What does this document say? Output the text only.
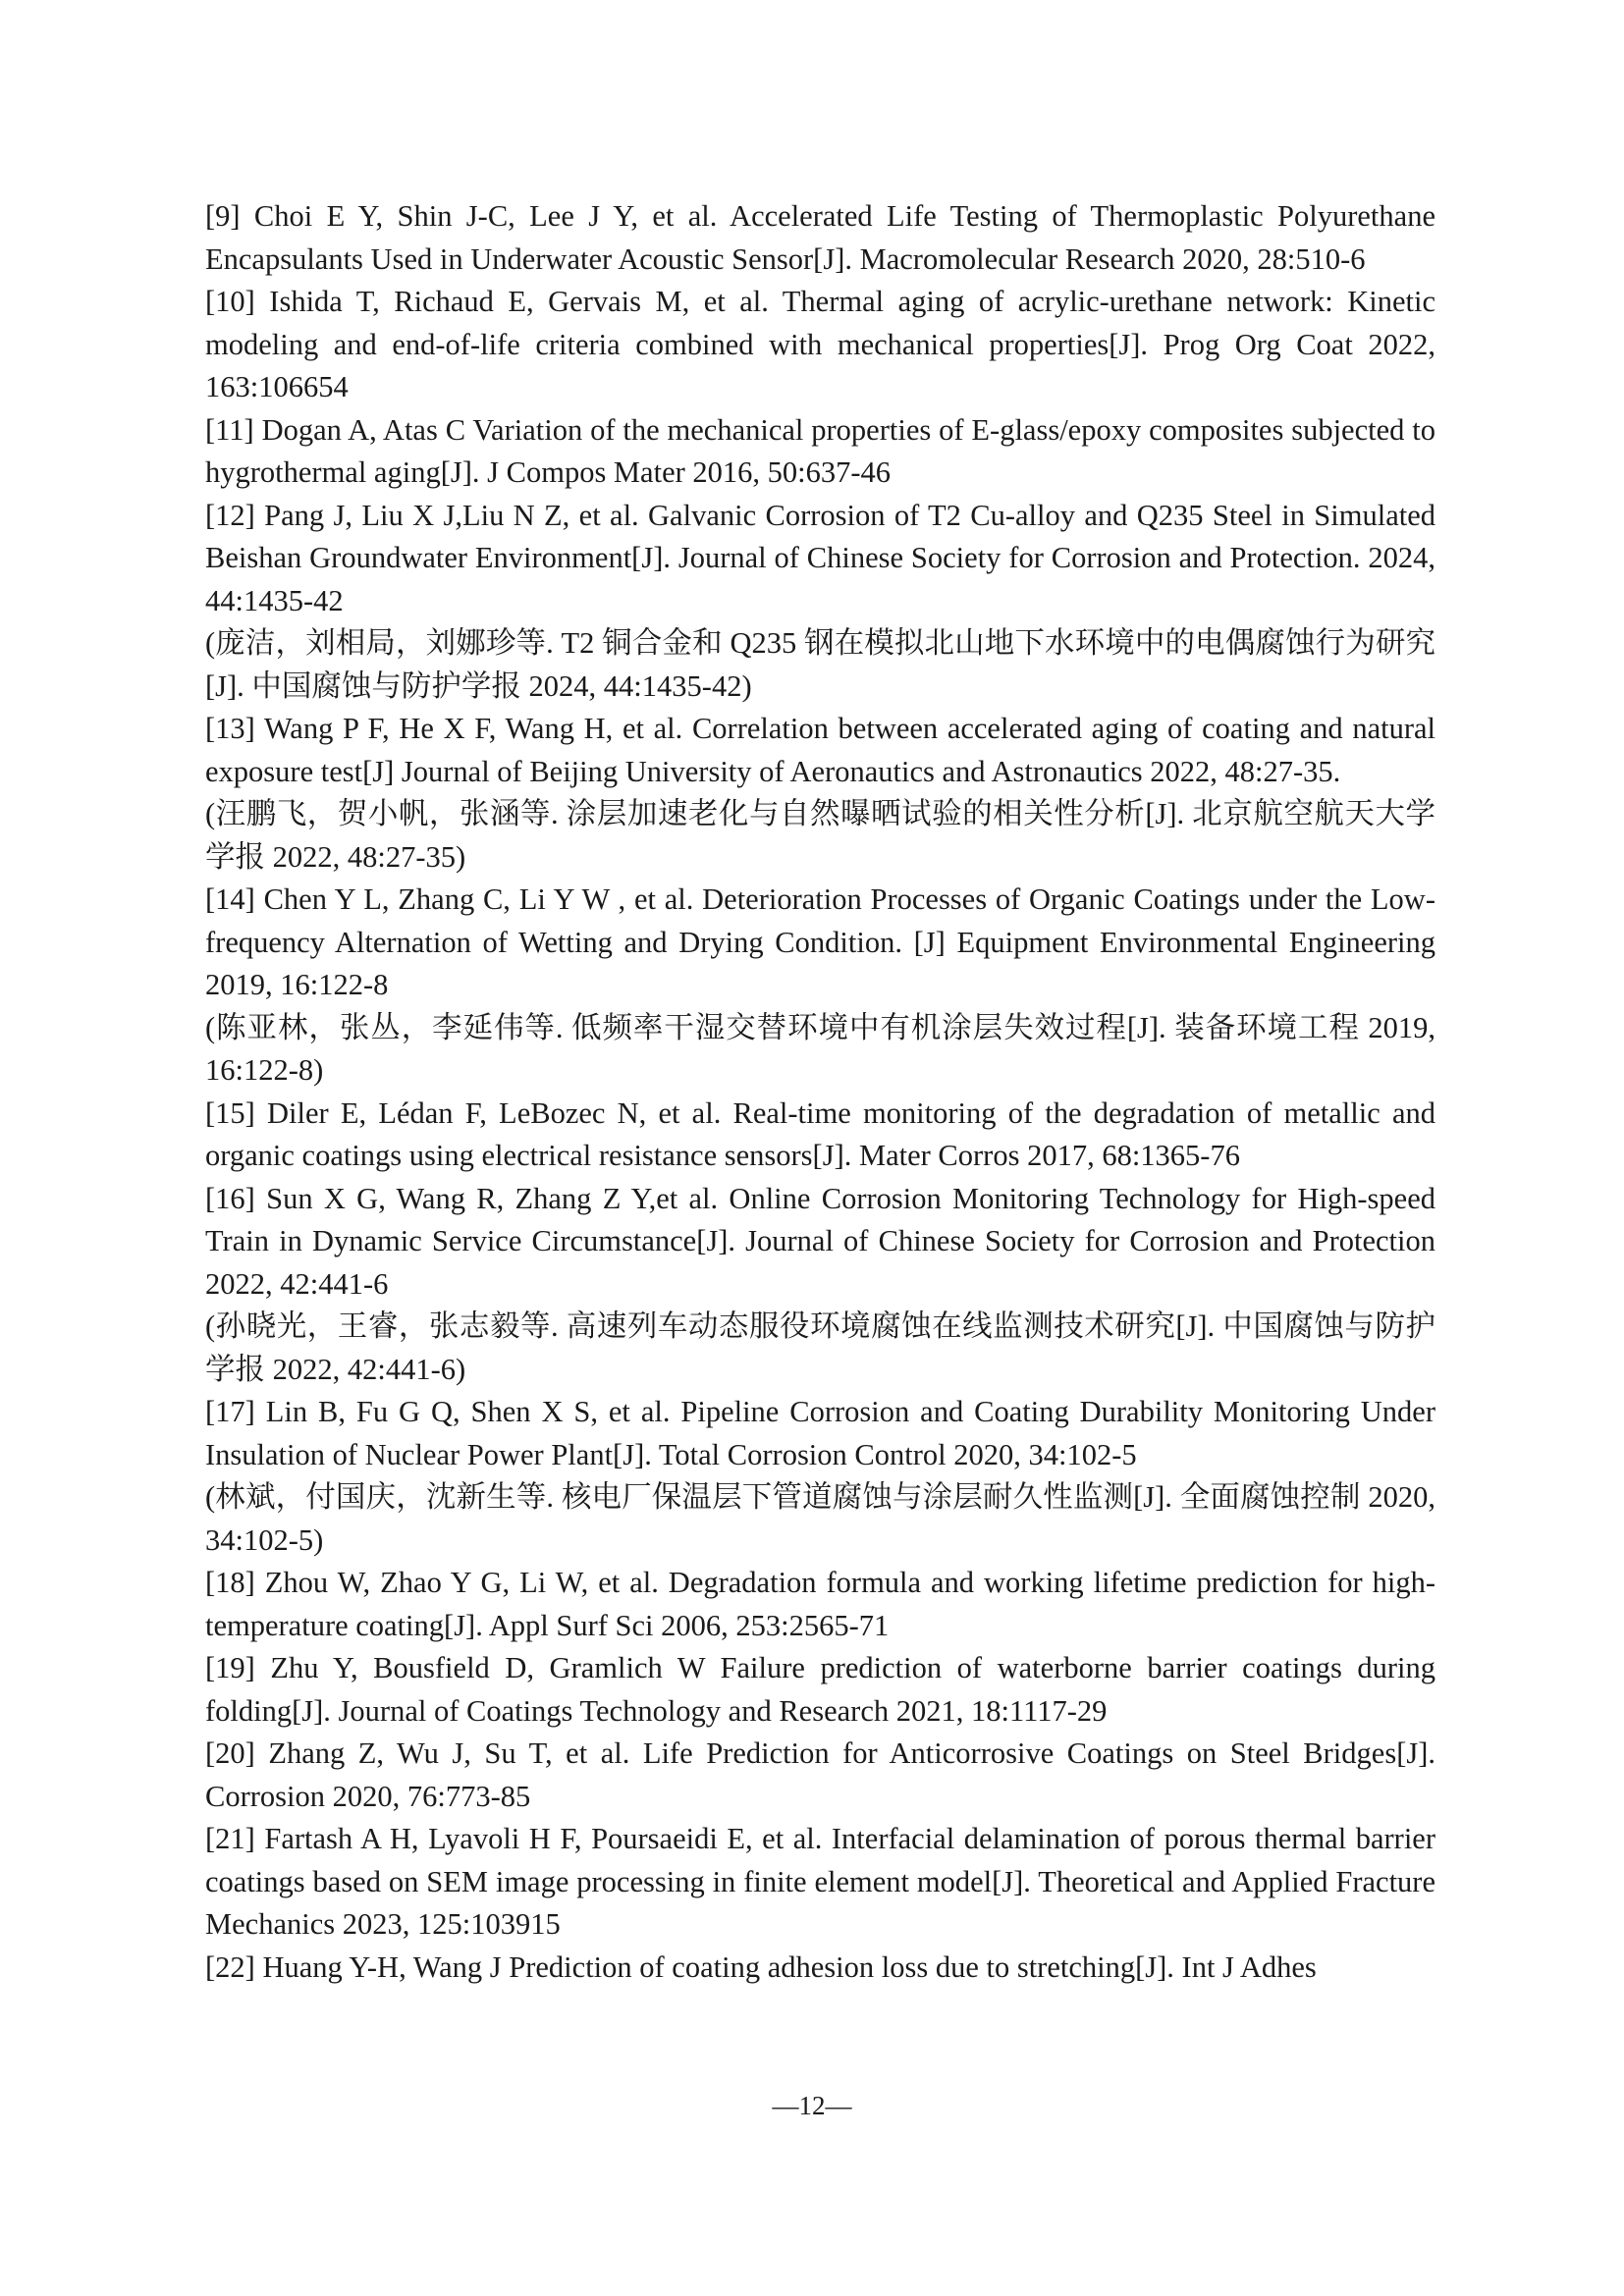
[9] Choi E Y, Shin J-C, Lee J Y, et al. Accelerated Life Testing of Thermoplastic Polyurethane Encapsulants Used in Underwater Acoustic Sensor[J]. Macromolecular Research 2020, 28:510-6

[10] Ishida T, Richaud E, Gervais M, et al. Thermal aging of acrylic-urethane network: Kinetic modeling and end-of-life criteria combined with mechanical properties[J]. Prog Org Coat 2022, 163:106654

[11] Dogan A, Atas C Variation of the mechanical properties of E-glass/epoxy composites subjected to hygrothermal aging[J]. J Compos Mater 2016, 50:637-46

[12] Pang J, Liu X J,Liu N Z, et al. Galvanic Corrosion of T2 Cu-alloy and Q235 Steel in Simulated Beishan Groundwater Environment[J]. Journal of Chinese Society for Corrosion and Protection. 2024, 44:1435-42

(庞洁，刘相局，刘娜珍等. T2 铜合金和 Q235 钢在模拟北山地下水环境中的电偶腐蚀行为研究[J]. 中国腐蚀与防护学报 2024, 44:1435-42)

[13] Wang P F, He X F, Wang H, et al. Correlation between accelerated aging of coating and natural exposure test[J] Journal of Beijing University of Aeronautics and Astronautics 2022, 48:27-35.

(汪鹏飞，贺小帆，张涵等. 涂层加速老化与自然曝晒试验的相关性分析[J]. 北京航空航天大学学报 2022, 48:27-35)

[14] Chen Y L, Zhang C, Li Y W , et al. Deterioration Processes of Organic Coatings under the Low-frequency Alternation of Wetting and Drying Condition. [J] Equipment Environmental Engineering 2019, 16:122-8

(陈亚林，张丛，李延伟等. 低频率干湿交替环境中有机涂层失效过程[J]. 装备环境工程 2019, 16:122-8)

[15] Diler E, Lédan F, LeBozec N, et al. Real-time monitoring of the degradation of metallic and organic coatings using electrical resistance sensors[J]. Mater Corros 2017, 68:1365-76

[16] Sun X G, Wang R, Zhang Z Y,et al. Online Corrosion Monitoring Technology for High-speed Train in Dynamic Service Circumstance[J]. Journal of Chinese Society for Corrosion and Protection 2022, 42:441-6

(孙晓光，王睿，张志毅等. 高速列车动态服役环境腐蚀在线监测技术研究[J]. 中国腐蚀与防护学报 2022, 42:441-6)

[17] Lin B, Fu G Q, Shen X S, et al. Pipeline Corrosion and Coating Durability Monitoring Under Insulation of Nuclear Power Plant[J]. Total Corrosion Control 2020, 34:102-5

(林斌，付国庆，沈新生等. 核电厂保温层下管道腐蚀与涂层耐久性监测[J]. 全面腐蚀控制 2020, 34:102-5)

[18] Zhou W, Zhao Y G, Li W, et al. Degradation formula and working lifetime prediction for high-temperature coating[J]. Appl Surf Sci 2006, 253:2565-71

[19] Zhu Y, Bousfield D, Gramlich W Failure prediction of waterborne barrier coatings during folding[J]. Journal of Coatings Technology and Research 2021, 18:1117-29

[20] Zhang Z, Wu J, Su T, et al. Life Prediction for Anticorrosive Coatings on Steel Bridges[J]. Corrosion 2020, 76:773-85

[21] Fartash A H, Lyavoli H F, Poursaeidi E, et al. Interfacial delamination of porous thermal barrier coatings based on SEM image processing in finite element model[J]. Theoretical and Applied Fracture Mechanics 2023, 125:103915

[22] Huang Y-H, Wang J Prediction of coating adhesion loss due to stretching[J]. Int J Adhes

—12—
